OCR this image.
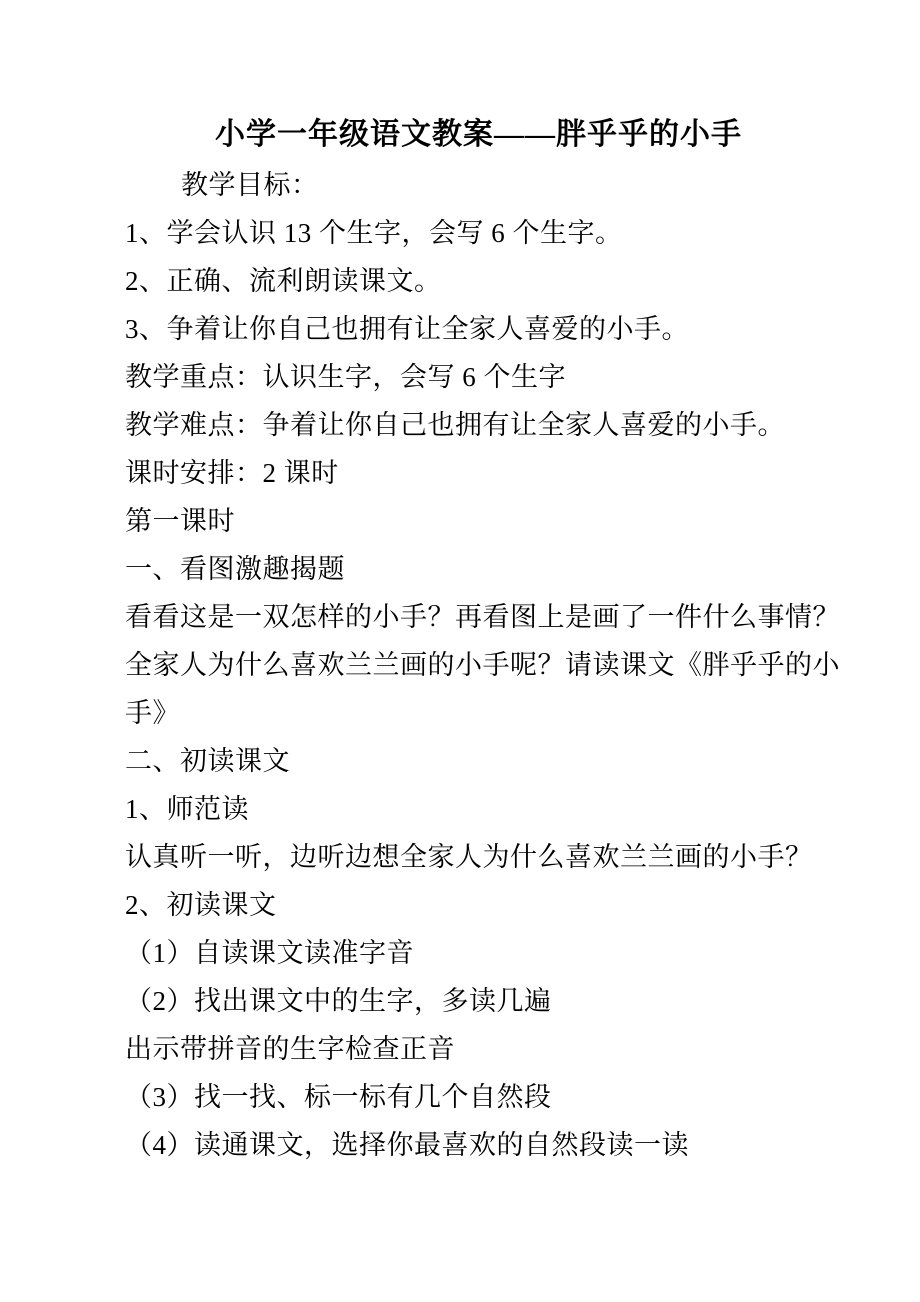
小学一年级语文教案——胖乎乎的小手

教学目标：

1、学会认识 13 个生字，会写 6 个生字。

2、正确、流利朗读课文。

3、争着让你自己也拥有让全家人喜爱的小手。

教学重点：认识生字，会写 6 个生字

教学难点：争着让你自己也拥有让全家人喜爱的小手。

课时安排：2 课时

第一课时

一、看图激趣揭题

看看这是一双怎样的小手？再看图上是画了一件什么事情？

全家人为什么喜欢兰兰画的小手呢？请读课文《胖乎乎的小

手》

二、初读课文

1、师范读

认真听一听，边听边想全家人为什么喜欢兰兰画的小手？

2、初读课文

（1）自读课文读准字音

（2）找出课文中的生字，多读几遍

出示带拼音的生字检查正音

（3）找一找、标一标有几个自然段

（4）读通课文，选择你最喜欢的自然段读一读
